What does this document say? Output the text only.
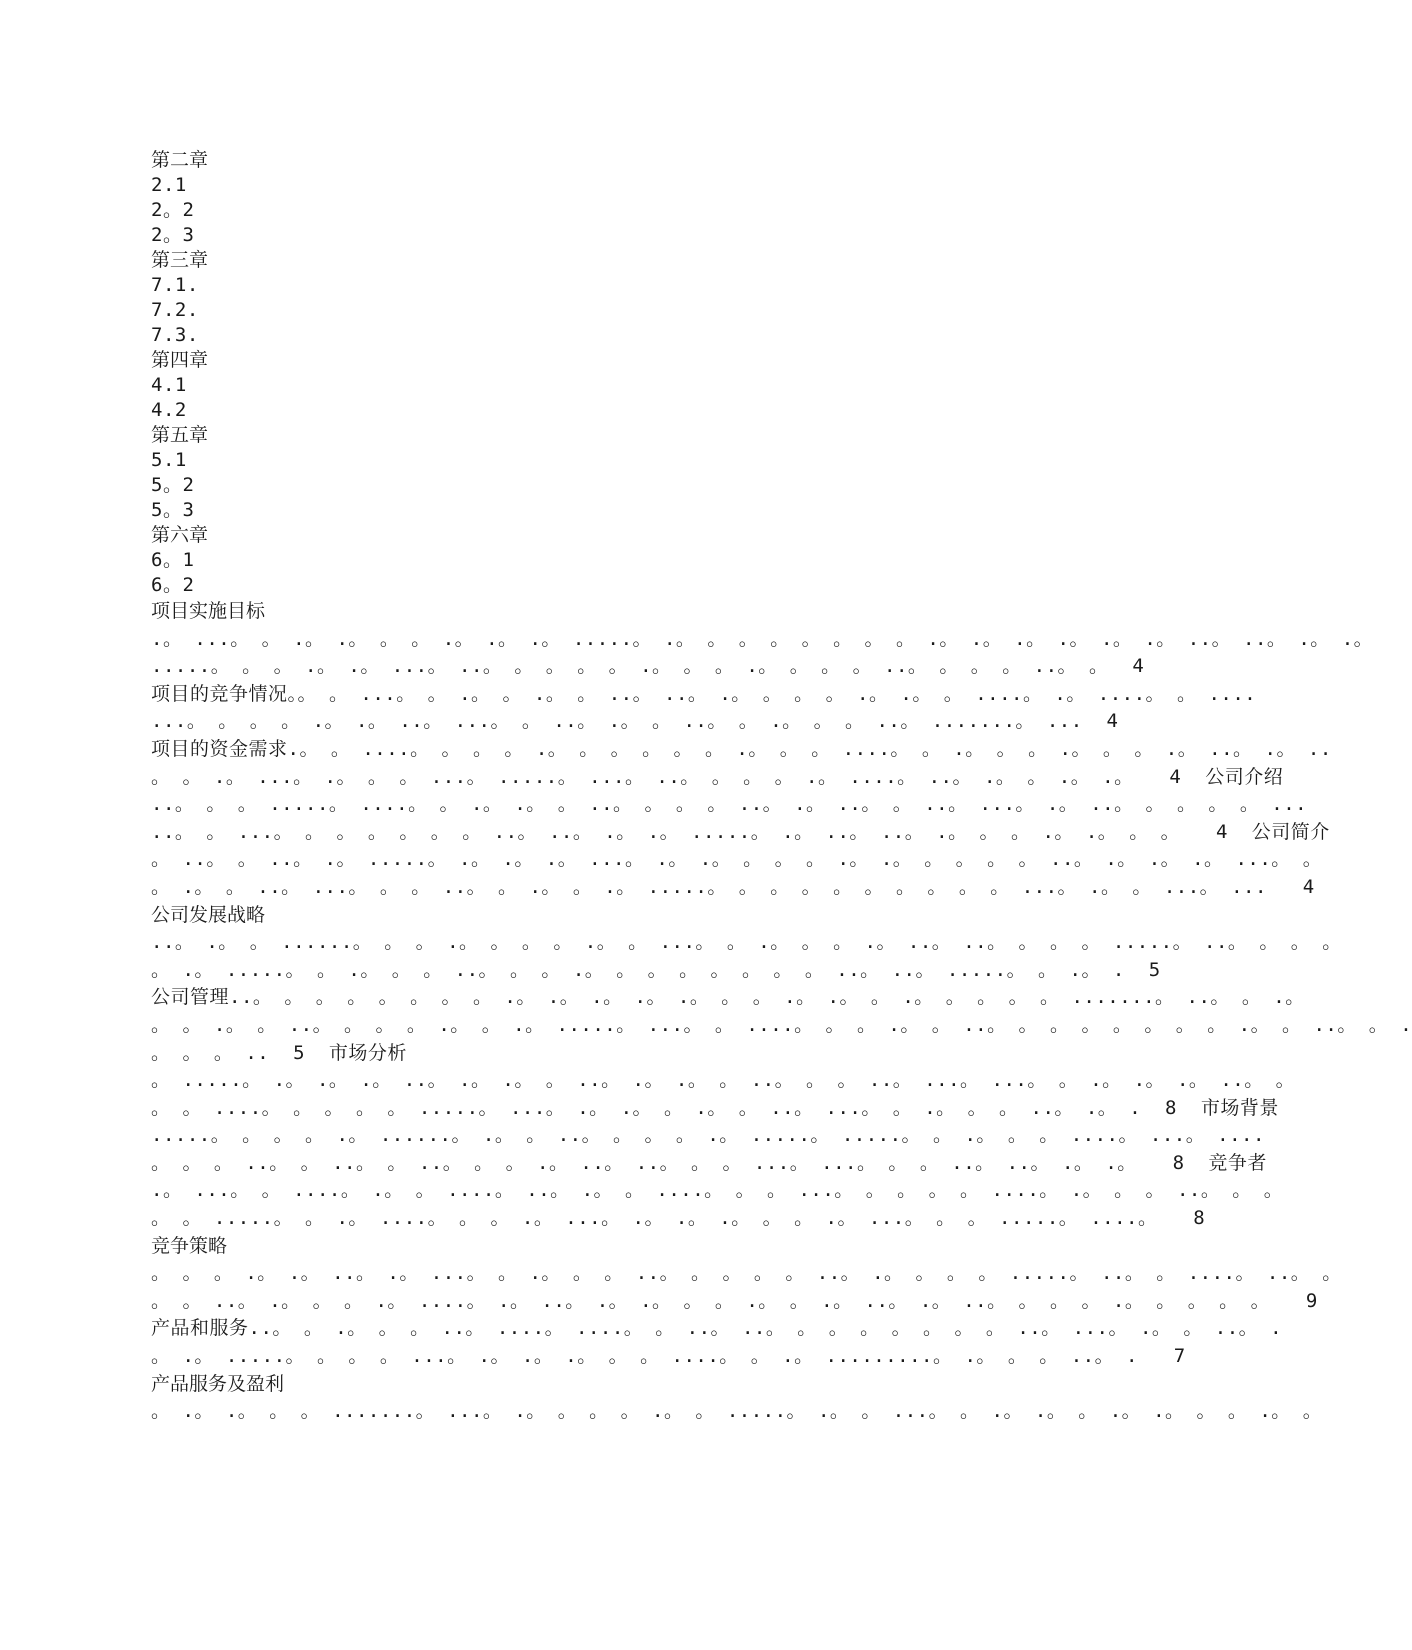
第二章
2.1
2。2
2。3
第三章
7.1.
7.2.
7.3.
第四章
4.1
4.2
第五章
5.1
5。2
5。3
第六章
6。1
6。2
项目实施目标
.。 ...。 。 .。 .。 。 。 .。 .。 .。 .....。 .。 。 。 。 。 。 。 。 .。 .。 .。 .。 .。 .。 ..。 ..。 .。 .。
.....。 。 。 .。 .。 ...。 ..。 。 。 。 。 .。 。 。 .。 。 。 。 ..。 。 。 。 ..。 。  4
项目的竞争情况。。 。 ...。 。 .。 。 .。 。 ..。 ..。 .。 。 。 。 .。 .。 。 ....。 .。 ....。 。 ....
...。 。 。 。 .。 .。 ..。 ...。 。 ..。 .。 。 ..。 。 .。 。 。 ..。 .......。 ...  4
项目的资金需求.。 。 ....。 。 。 。 .。 。 。 。 。 。 .。 。 。 ....。 。 .。 。 。 .。 。 。 .。 ..。 .。 ..
。 。 .。 ...。 .。 。 。 ...。 .....。 ...。 ..。 。 。 。 .。 ....。 ..。 .。 。 .。 .。   4  公司介绍
..。 。 。 .....。 ....。 。 .。 .。 。 ..。 。 。 。 ..。 .。 ..。 。 ..。 ...。 .。 ..。 。 。 。 。 ...
..。 。 ...。 。 。 。 。 。 。 ..。 ..。 .。 .。 .....。 .。 ..。 ..。 .。 。 。 .。 .。 。 。   4  公司简介
。 ..。 。 ..。 .。 .....。 .。 .。 .。 ...。 .。 .。 。 。 。 .。 .。 。 。 。 。 ..。 .。 .。 .。 ...。 。
。 .。 。 ..。 ...。 。 。 ..。 。 .。 。 .。 .....。 。 。 。 。 。 。 。 。 。 ...。 .。 。 ...。 ...   4
公司发展战略
..。 .。 。 ......。 。 。 .。 。 。 。 .。 。 ...。 。 .。 。 。 .。 ..。 ..。 。 。 。 .....。 ..。 。 。 。
。 .。 .....。 。 .。 。 。 ..。 。 。 .。 。 。 。 。 。 。 。 ..。 ..。 .....。 。 .。 .  5
公司管理..。 。 。 。 。 。 。 。 .。 .。 .。 .。 .。 。 。 .。 .。 。 .。 。 。 。 。 .......。 ..。 。 .。
。 。 .。 。 ..。 。 。 。 .。 。 .。 .....。 ...。 。 ....。 。 。 .。 。 ..。 。 。 。 。 。 。 。 .。 。 ..。 。 .
。 。 。 ..  5  市场分析
。 .....。 .。 .。 .。 ..。 .。 .。 。 ..。 .。 .。 。 ..。 。 。 ..。 ...。 ...。 。 .。 .。 .。 ..。 。
。 。 ....。 。 。 。 。 .....。 ...。 .。 .。 。 .。 。 ..。 ...。 。 .。 。 。 ..。 .。 .  8  市场背景
.....。 。 。 。 .。 ......。 .。 。 ..。 。 。 。 .。 .....。 .....。 。 .。 。 。 ....。 ...。 ....
。 。 。 ..。 。 ..。 。 ..。 。 。 .。 ..。 ..。 。 。 ...。 ...。 。 。 ..。 ..。 .。 .。   8  竞争者
.。 ...。 。 ....。 .。 。 ....。 ..。 .。 。 ....。 。 。 ...。 。 。 。 。 ....。 .。 。 。 ..。 。 。
。 。 .....。 。 .。 ....。 。 。 .。 ...。 .。 .。 .。 。 。 .。 ...。 。 。 .....。 ....。   8
竞争策略
。 。 。 .。 .。 ..。 .。 ...。 。 .。 。 。 ..。 。 。 。 。 ..。 .。 。 。 。 .....。 ..。 。 ....。 ..。 。
。 。 ..。 .。 。 。 .。 ....。 .。 ..。 .。 .。 。 。 .。 。 .。 ..。 .。 ..。 。 。 。 .。 。 。 。 。   9
产品和服务..。 。 .。 。 。 ..。 ....。 ....。 。 ..。 ..。 。 。 。 。 。 。 。 ..。 ...。 .。 。 ..。 .
。 .。 .....。 。 。 。 ...。 .。 .。 .。 。 。 ....。 。 .。 .........。 .。 。 。 ..。 .   7
产品服务及盈利
。 .。 .。 。 。 .......。 ...。 .。 。 。 。 .。 。 .....。 .。 。 ...。 。 .。 .。 。 .。 .。 。 。 .。 。
